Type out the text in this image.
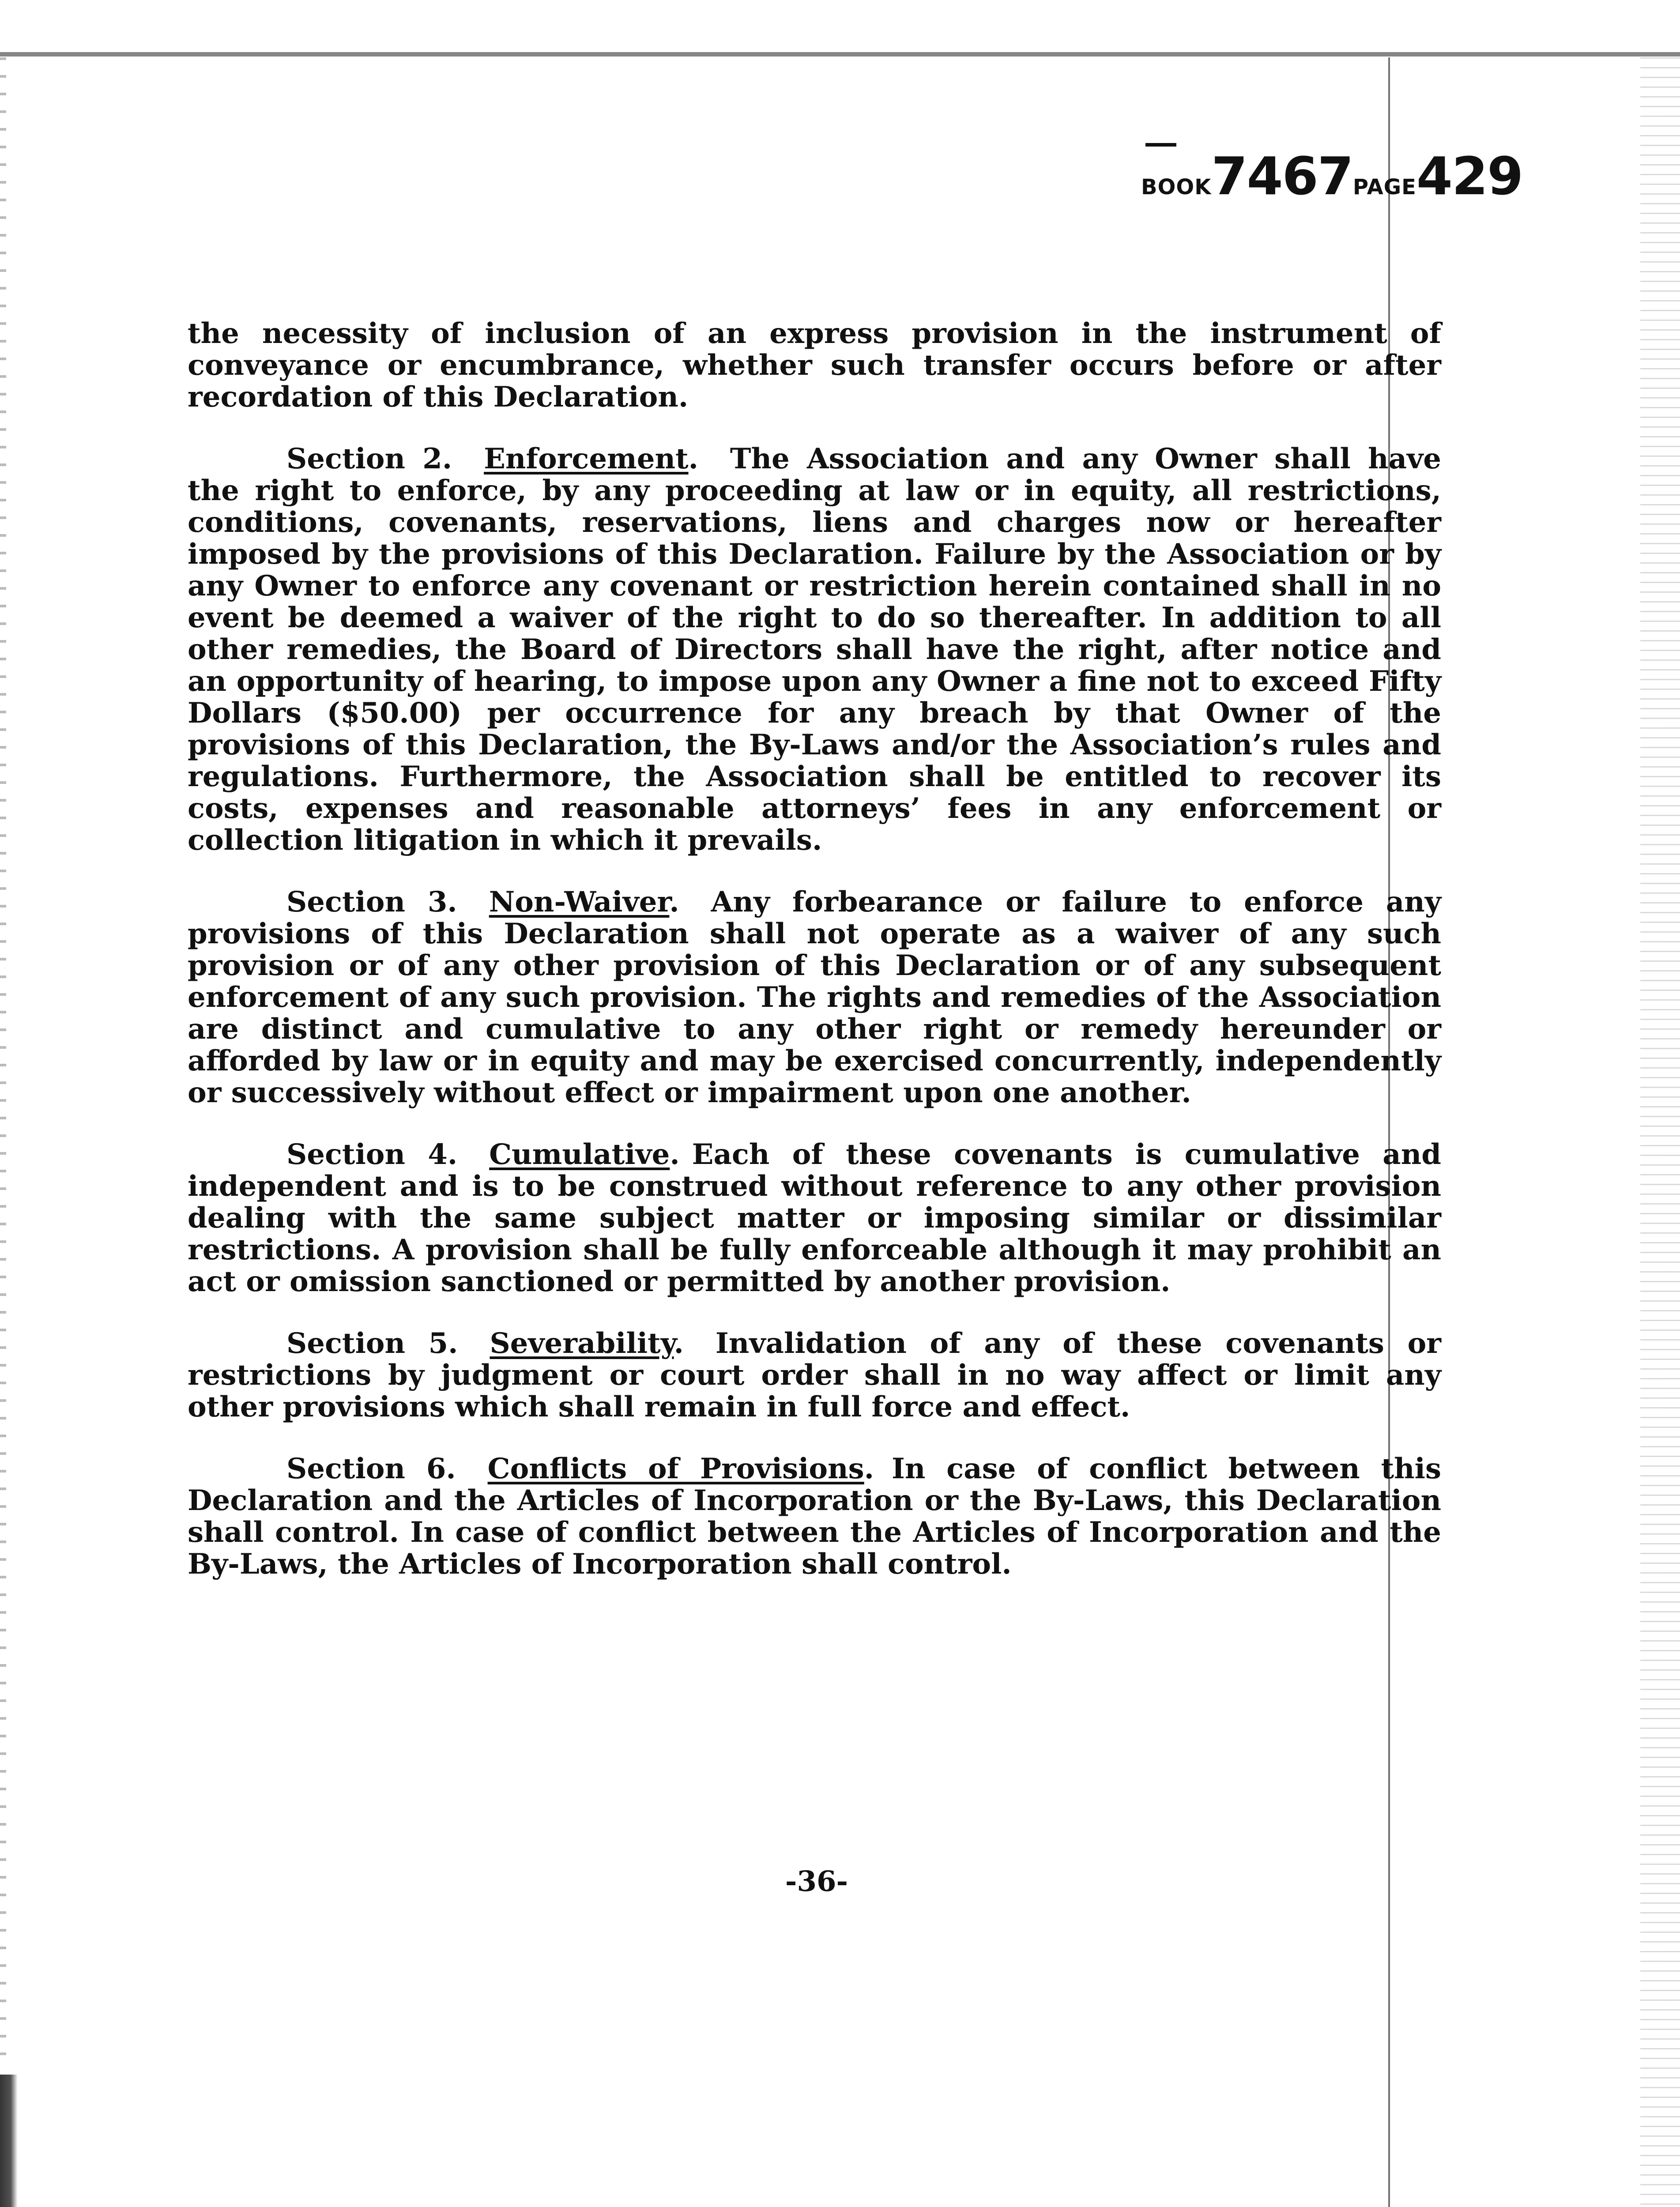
BOOK7467PAGE429

the necessity of inclusion of an express provision in the instrument of conveyance or encumbrance, whether such transfer occurs before or after recordation of this Declaration.

Section 2. Enforcement. The Association and any Owner shall have the right to enforce, by any proceeding at law or in equity, all restrictions, conditions, covenants, reservations, liens and charges now or hereafter imposed by the provisions of this Declaration. Failure by the Association or by any Owner to enforce any covenant or restriction herein contained shall in no event be deemed a waiver of the right to do so thereafter. In addition to all other remedies, the Board of Directors shall have the right, after notice and an opportunity of hearing, to impose upon any Owner a fine not to exceed Fifty Dollars ($50.00) per occurrence for any breach by that Owner of the provisions of this Declaration, the By-Laws and/or the Association’s rules and regulations. Furthermore, the Association shall be entitled to recover its costs, expenses and reasonable attorneys’ fees in any enforcement or collection litigation in which it prevails.

Section 3. Non-Waiver. Any forbearance or failure to enforce any provisions of this Declaration shall not operate as a waiver of any such provision or of any other provision of this Declaration or of any subsequent enforcement of any such provision. The rights and remedies of the Association are distinct and cumulative to any other right or remedy hereunder or afforded by law or in equity and may be exercised concurrently, independently or successively without effect or impairment upon one another.

Section 4. Cumulative. Each of these covenants is cumulative and independent and is to be construed without reference to any other provision dealing with the same subject matter or imposing similar or dissimilar restrictions. A provision shall be fully enforceable although it may prohibit an act or omission sanctioned or permitted by another provision.

Section 5. Severability. Invalidation of any of these covenants or restrictions by judgment or court order shall in no way affect or limit any other provisions which shall remain in full force and effect.

Section 6. Conflicts of Provisions. In case of conflict between this Declaration and the Articles of Incorporation or the By-Laws, this Declaration shall control. In case of conflict between the Articles of Incorporation and the By-Laws, the Articles of Incorporation shall control.

-36-
